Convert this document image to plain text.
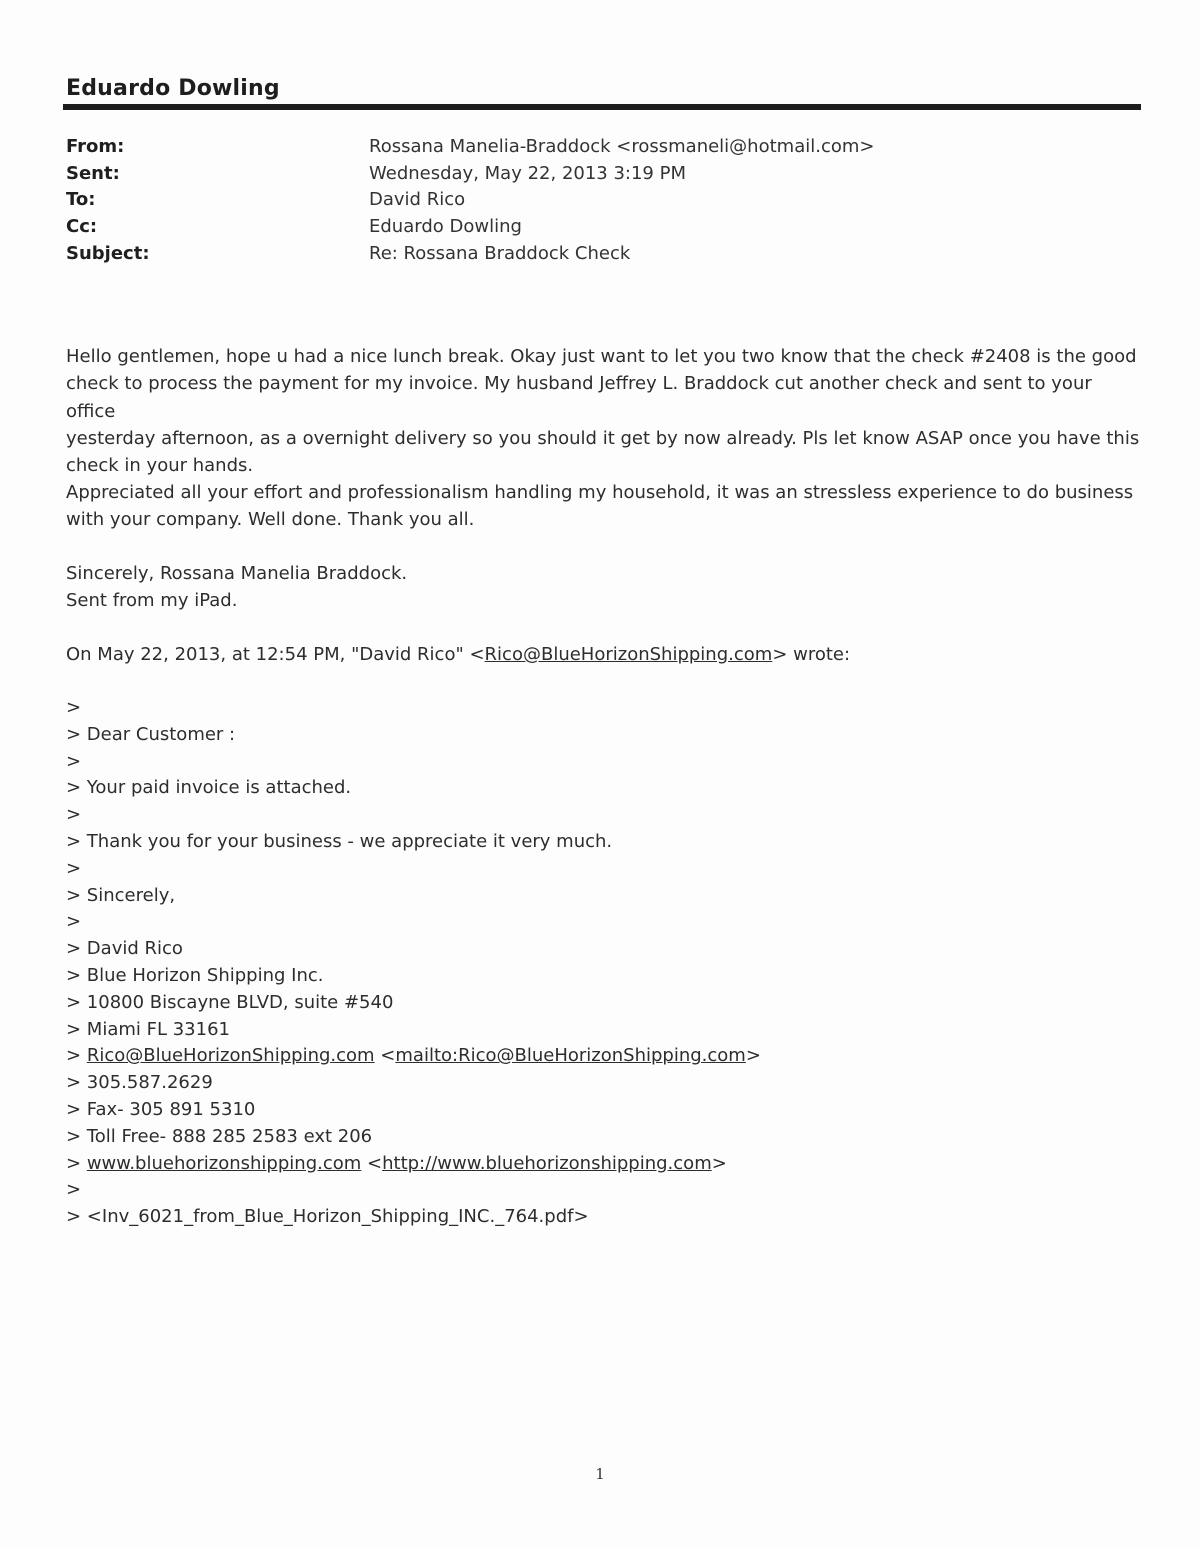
Eduardo Dowling
From:	Rossana Manelia-Braddock <rossmaneli@hotmail.com>
Sent:	Wednesday, May 22, 2013 3:19 PM
To:	David Rico
Cc:	Eduardo Dowling
Subject:	Re: Rossana Braddock Check
Hello gentlemen, hope u had a nice lunch break. Okay just want to let you two know that the check #2408 is the good
check to process the payment for my invoice. My husband Jeffrey L. Braddock cut another check and sent to your office
yesterday afternoon, as a overnight delivery so you should it get by now already. Pls let know ASAP once you have this
check in your hands.
Appreciated all your effort and professionalism handling my household, it was an stressless experience to do business
with your company. Well done. Thank you all.
Sincerely, Rossana Manelia Braddock.
Sent from my iPad.
On May 22, 2013, at 12:54 PM, "David Rico" <Rico@BlueHorizonShipping.com> wrote:
>
> Dear Customer :
>
> Your paid invoice is attached.
>
> Thank you for your business - we appreciate it very much.
>
> Sincerely,
>
> David Rico
> Blue Horizon Shipping Inc.
> 10800 Biscayne BLVD, suite #540
> Miami FL 33161
> Rico@BlueHorizonShipping.com <mailto:Rico@BlueHorizonShipping.com>
> 305.587.2629
> Fax- 305 891 5310
> Toll Free- 888 285 2583 ext 206
> www.bluehorizonshipping.com <http://www.bluehorizonshipping.com>
>
> <Inv_6021_from_Blue_Horizon_Shipping_INC._764.pdf>
1
